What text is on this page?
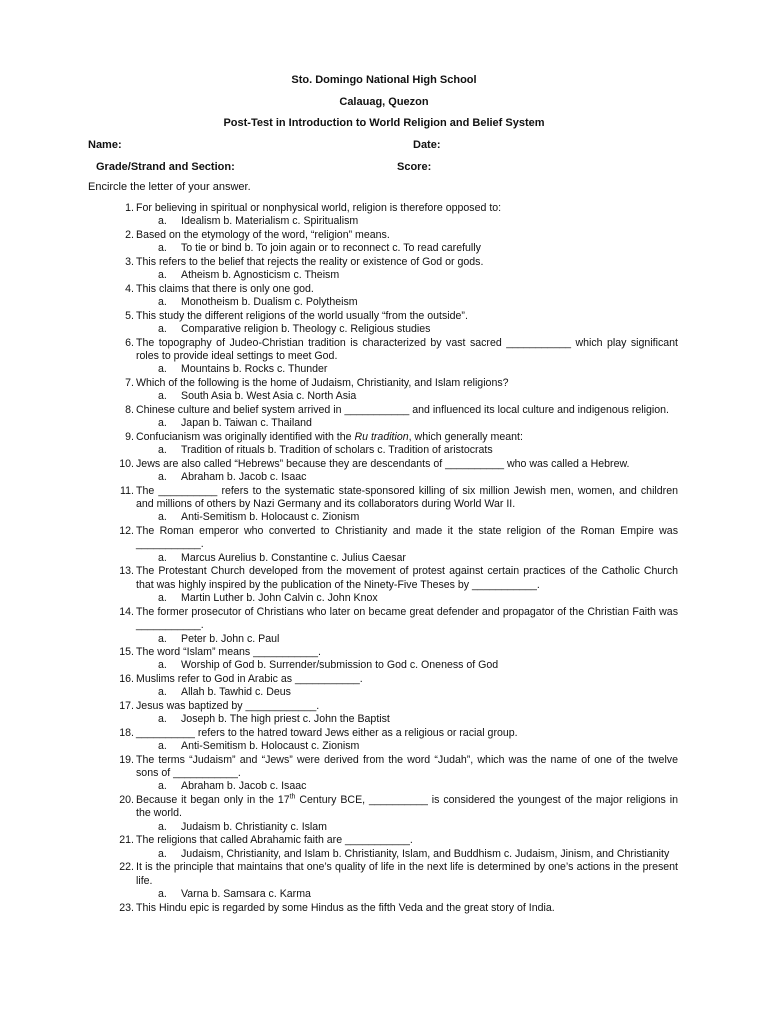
Sto. Domingo National High School
Calauag, Quezon
Post-Test in Introduction to World Religion and Belief System
Name:	Date:
Grade/Strand and Section:	Score:
Encircle the letter of your answer.
1. For believing in spiritual or nonphysical world, religion is therefore opposed to:
a. Idealism b. Materialism c. Spiritualism
2. Based on the etymology of the word, “religion” means.
a. To tie or bind b. To join again or to reconnect c. To read carefully
3. This refers to the belief that rejects the reality or existence of God or gods.
a. Atheism b. Agnosticism c. Theism
4. This claims that there is only one god.
a. Monotheism b. Dualism c. Polytheism
5. This study the different religions of the world usually “from the outside”.
a. Comparative religion b. Theology c. Religious studies
6. The topography of Judeo-Christian tradition is characterized by vast sacred ___________ which play significant roles to provide ideal settings to meet God.
a. Mountains b. Rocks c. Thunder
7. Which of the following is the home of Judaism, Christianity, and Islam religions?
a. South Asia b. West Asia c. North Asia
8. Chinese culture and belief system arrived in ___________ and influenced its local culture and indigenous religion.
a. Japan b. Taiwan c. Thailand
9. Confucianism was originally identified with the Ru tradition, which generally meant:
a. Tradition of rituals b. Tradition of scholars c. Tradition of aristocrats
10. Jews are also called “Hebrews” because they are descendants of __________ who was called a Hebrew.
a. Abraham b. Jacob c. Isaac
11. The __________ refers to the systematic state-sponsored killing of six million Jewish men, women, and children and millions of others by Nazi Germany and its collaborators during World War II.
a. Anti-Semitism b. Holocaust c. Zionism
12. The Roman emperor who converted to Christianity and made it the state religion of the Roman Empire was ___________.
a. Marcus Aurelius b. Constantine c. Julius Caesar
13. The Protestant Church developed from the movement of protest against certain practices of the Catholic Church that was highly inspired by the publication of the Ninety-Five Theses by ___________.
a. Martin Luther b. John Calvin c. John Knox
14. The former prosecutor of Christians who later on became great defender and propagator of the Christian Faith was ___________.
a. Peter b. John c. Paul
15. The word “Islam” means ___________.
a. Worship of God b. Surrender/submission to God c. Oneness of God
16. Muslims refer to God in Arabic as ___________.
a. Allah b. Tawhid c. Deus
17. Jesus was baptized by ____________.
a. Joseph b. The high priest c. John the Baptist
18. __________ refers to the hatred toward Jews either as a religious or racial group.
a. Anti-Semitism b. Holocaust c. Zionism
19. The terms “Judaism” and “Jews” were derived from the word “Judah”, which was the name of one of the twelve sons of ___________.
a. Abraham b. Jacob c. Isaac
20. Because it began only in the 17th Century BCE, __________ is considered the youngest of the major religions in the world.
a. Judaism b. Christianity c. Islam
21. The religions that called Abrahamic faith are ___________.
a. Judaism, Christianity, and Islam b. Christianity, Islam, and Buddhism c. Judaism, Jinism, and Christianity
22. It is the principle that maintains that one’s quality of life in the next life is determined by one’s actions in the present life.
a. Varna b. Samsara c. Karma
23. This Hindu epic is regarded by some Hindus as the fifth Veda and the great story of India.
